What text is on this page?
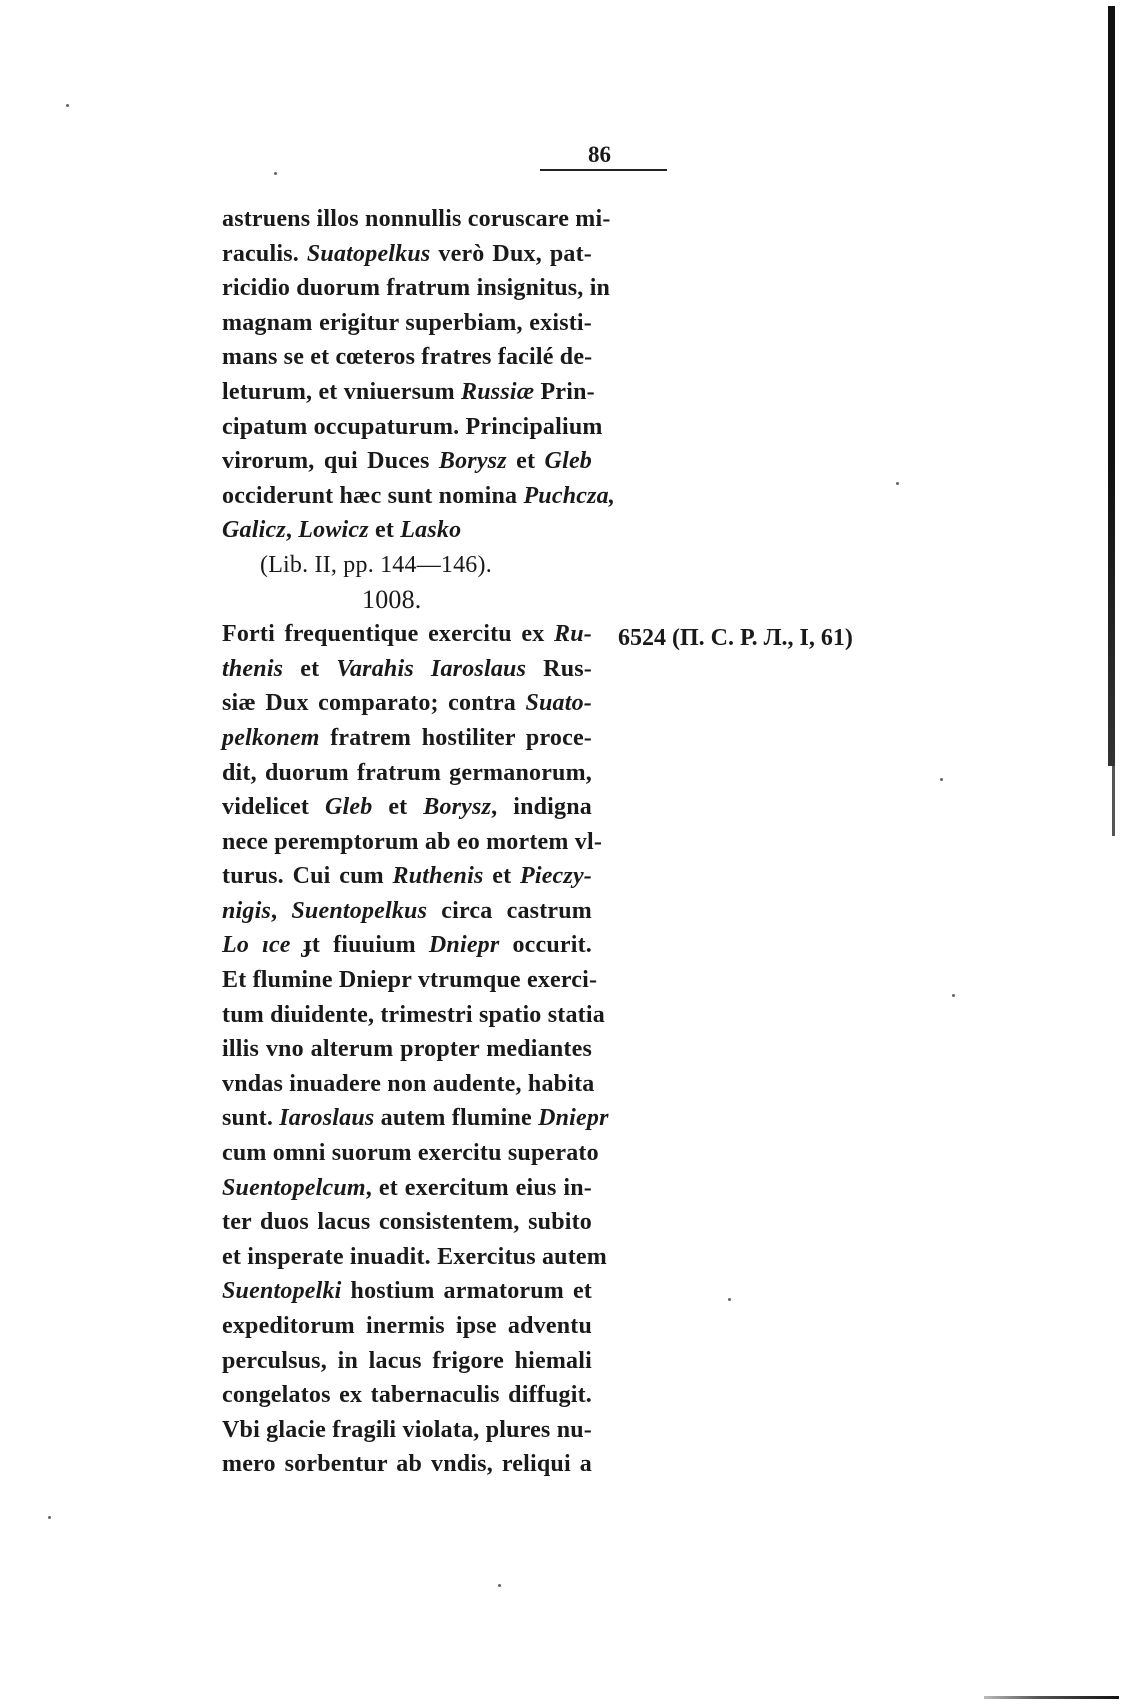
86
astruens illos nonnullis coruscare mi-
raculis. Suatopelkus verò Dux, pat-
ricidio duorum fratrum insignitus, in
magnam erigitur superbiam, existi-
mans se et cœteros fratres facilé de-
leturum, et vniuersum Russiæ Prin-
cipatum occupaturum. Principalium
virorum, qui Duces Borysz et Gleb
occiderunt hæc sunt nomina Puchcza,
Galicz, Lowicz et Lasko
(Lib. II, pp. 144—146).
1008.
Forti frequentique exercitu ex Ru-
thenis et Varahis Iaroslaus Rus-
siæ Dux comparato; contra Suato-
pelkonem fratrem hostiliter proce-
dit, duorum fratrum germanorum,
videlicet Gleb et Borysz, indigna
nece peremptorum ab eo mortem vl-
turus. Cui cum Ruthenis et Pieczy-
nigis, Suentopelkus circa castrum
Lo ıce ɟt fiuuium Dniepr occurit.
Et flumine Dniepr vtrumque exerci-
tum diuidente, trimestri spatio statia
illis vno alterum propter mediantes
vndas inuadere non audente, habita
sunt. Iaroslaus autem flumine Dniepr
cum omni suorum exercitu superato
Suentopelcum, et exercitum eius in-
ter duos lacus consistentem, subito
et insperate inuadit. Exercitus autem
Suentopelki hostium armatorum et
expeditorum inermis ipse adventu
perculsus, in lacus frigore hiemali
congelatos ex tabernaculis diffugit.
Vbi glacie fragili violata, plures nu-
mero sorbentur ab vndis, reliqui a
6524 (П. С. Р. Л., I, 61)
